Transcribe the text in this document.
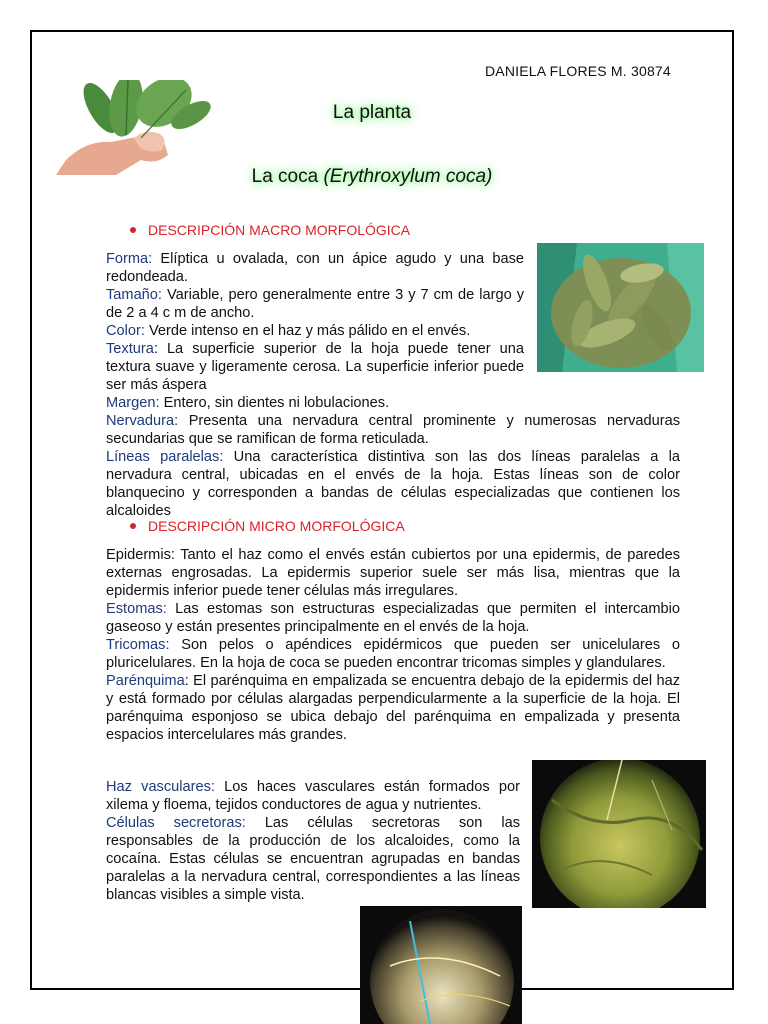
DANIELA FLORES M. 30874
La planta
La coca (Erythroxylum coca)
DESCRIPCIÓN MACRO MORFOLÓGICA

Forma: Elíptica u ovalada, con un ápice agudo y una base redondeada.

Tamaño: Variable, pero generalmente entre 3 y 7 cm de largo y de 2 a 4 c m de ancho.

Color: Verde intenso en el haz y más pálido en el envés.

Textura: La superficie superior de la hoja puede tener una textura suave y ligeramente cerosa. La superficie inferior puede ser más áspera

Margen: Entero, sin dientes ni lobulaciones.

Nervadura: Presenta una nervadura central prominente y numerosas nervaduras secundarias que se ramifican de forma reticulada.

Líneas paralelas: Una característica distintiva son las dos líneas paralelas a la nervadura central, ubicadas en el envés de la hoja. Estas líneas son de color blanquecino y corresponden a bandas de células especializadas que contienen los alcaloides

DESCRIPCIÓN MICRO MORFOLÓGICA

Epidermis: Tanto el haz como el envés están cubiertos por una epidermis, de paredes externas engrosadas. La epidermis superior suele ser más lisa, mientras que la epidermis inferior puede tener células más irregulares.

Estomas: Las estomas son estructuras especializadas que permiten el intercambio gaseoso y están presentes principalmente en el envés de la hoja.

Tricomas: Son pelos o apéndices epidérmicos que pueden ser unicelulares o pluricelulares. En la hoja de coca se pueden encontrar tricomas simples y glandulares.

Parénquima: El parénquima en empalizada se encuentra debajo de la epidermis del haz y está formado por células alargadas perpendicularmente a la superficie de la hoja. El parénquima esponjoso se ubica debajo del parénquima en empalizada y presenta espacios intercelulares más grandes.

Haz vasculares: Los haces vasculares están formados por xilema y floema, tejidos conductores de agua y nutrientes.

Células secretoras: Las células secretoras son las responsables de la producción de los alcaloides, como la cocaína. Estas células se encuentran agrupadas en bandas paralelas a la nervadura central, correspondientes a las líneas blancas visibles a simple vista.
